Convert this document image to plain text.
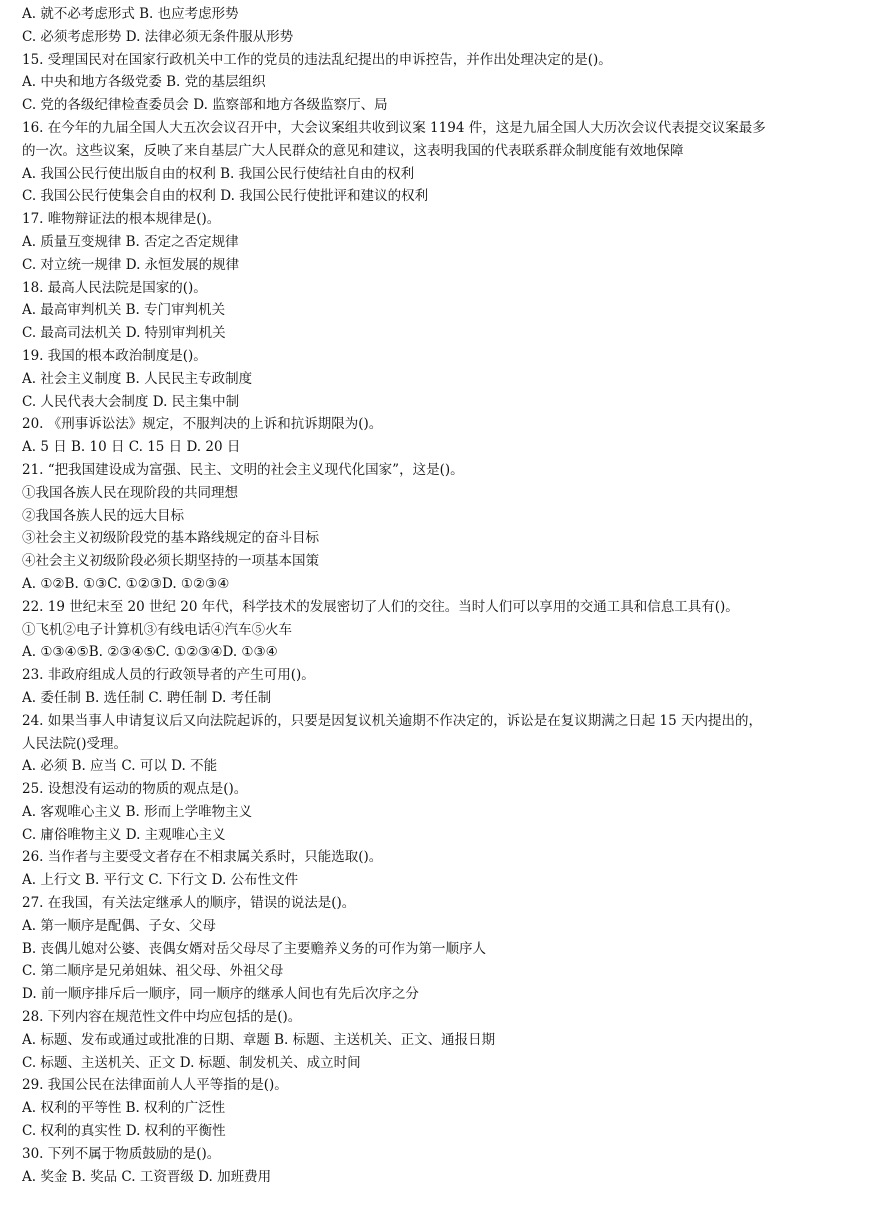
A. 就不必考虑形式 B. 也应考虑形势
C. 必须考虑形势 D. 法律必须无条件服从形势
15. 受理国民对在国家行政机关中工作的党员的违法乱纪提出的申诉控告，并作出处理决定的是()。
A. 中央和地方各级党委 B. 党的基层组织
C. 党的各级纪律检查委员会 D. 监察部和地方各级监察厅、局
16. 在今年的九届全国人大五次会议召开中，大会议案组共收到议案 1194 件，这是九届全国人大历次会议代表提交议案最多
的一次。这些议案，反映了来自基层广大人民群众的意见和建议，这表明我国的代表联系群众制度能有效地保障
A. 我国公民行使出版自由的权利 B. 我国公民行使结社自由的权利
C. 我国公民行使集会自由的权利 D. 我国公民行使批评和建议的权利
17. 唯物辩证法的根本规律是()。
A. 质量互变规律 B. 否定之否定规律
C. 对立统一规律 D. 永恒发展的规律
18. 最高人民法院是国家的()。
A. 最高审判机关 B. 专门审判机关
C. 最高司法机关 D. 特别审判机关
19. 我国的根本政治制度是()。
A. 社会主义制度 B. 人民民主专政制度
C. 人民代表大会制度 D. 民主集中制
20. 《刑事诉讼法》规定，不服判决的上诉和抗诉期限为()。
A. 5 日 B. 10 日 C. 15 日 D. 20 日
21. “把我国建设成为富强、民主、文明的社会主义现代化国家”，这是()。
①我国各族人民在现阶段的共同理想
②我国各族人民的远大目标
③社会主义初级阶段党的基本路线规定的奋斗目标
④社会主义初级阶段必须长期坚持的一项基本国策
A. ①②B. ①③C. ①②③D. ①②③④
22. 19 世纪末至 20 世纪 20 年代，科学技术的发展密切了人们的交往。当时人们可以享用的交通工具和信息工具有()。
①飞机②电子计算机③有线电话④汽车⑤火车
A. ①③④⑤B. ②③④⑤C. ①②③④D. ①③④
23. 非政府组成人员的行政领导者的产生可用()。
A. 委任制 B. 选任制 C. 聘任制 D. 考任制
24. 如果当事人申请复议后又向法院起诉的，只要是因复议机关逾期不作决定的，诉讼是在复议期满之日起 15 天内提出的，
人民法院()受理。
A. 必须 B. 应当 C. 可以 D. 不能
25. 设想没有运动的物质的观点是()。
A. 客观唯心主义 B. 形而上学唯物主义
C. 庸俗唯物主义 D. 主观唯心主义
26. 当作者与主要受文者存在不相隶属关系时，只能选取()。
A. 上行文 B. 平行文 C. 下行文 D. 公布性文件
27. 在我国，有关法定继承人的顺序，错误的说法是()。
A. 第一顺序是配偶、子女、父母
B. 丧偶儿媳对公婆、丧偶女婿对岳父母尽了主要赡养义务的可作为第一顺序人
C. 第二顺序是兄弟姐妹、祖父母、外祖父母
D. 前一顺序排斥后一顺序，同一顺序的继承人间也有先后次序之分
28. 下列内容在规范性文件中均应包括的是()。
A. 标题、发布或通过或批准的日期、章题 B. 标题、主送机关、正文、通报日期
C. 标题、主送机关、正文 D. 标题、制发机关、成立时间
29. 我国公民在法律面前人人平等指的是()。
A. 权利的平等性 B. 权利的广泛性
C. 权利的真实性 D. 权利的平衡性
30. 下列不属于物质鼓励的是()。
A. 奖金 B. 奖品 C. 工资晋级 D. 加班费用
